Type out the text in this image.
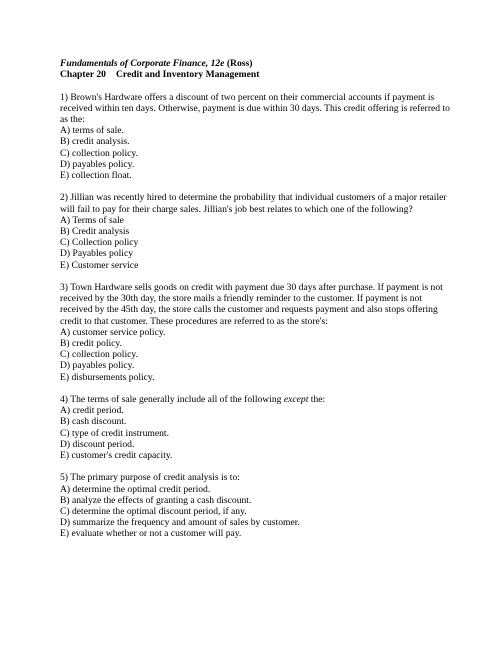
Fundamentals of Corporate Finance, 12e (Ross)
Chapter 20 Credit and Inventory Management

1) Brown's Hardware offers a discount of two percent on their commercial accounts if payment is received within ten days. Otherwise, payment is due within 30 days. This credit offering is referred to as the:

A) terms of sale.
B) credit analysis.
C) collection policy.
D) payables policy.
E) collection float.

2) Jillian was recently hired to determine the probability that individual customers of a major retailer will fail to pay for their charge sales. Jillian's job best relates to which one of the following?

A) Terms of sale
B) Credit analysis
C) Collection policy
D) Payables policy
E) Customer service

3) Town Hardware sells goods on credit with payment due 30 days after purchase. If payment is not received by the 30th day, the store mails a friendly reminder to the customer. If payment is not received by the 45th day, the store calls the customer and requests payment and also stops offering credit to that customer. These procedures are referred to as the store's:

A) customer service policy.
B) credit policy.
C) collection policy.
D) payables policy.
E) disbursements policy.

4) The terms of sale generally include all of the following except the:

A) credit period.
B) cash discount.
C) type of credit instrument.
D) discount period.
E) customer's credit capacity.

5) The primary purpose of credit analysis is to:

A) determine the optimal credit period.
B) analyze the effects of granting a cash discount.
C) determine the optimal discount period, if any.
D) summarize the frequency and amount of sales by customer.
E) evaluate whether or not a customer will pay.
